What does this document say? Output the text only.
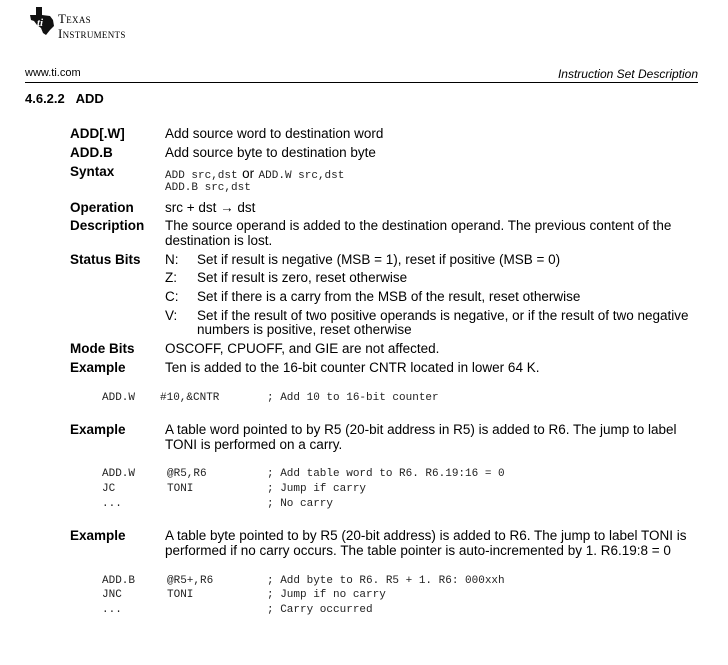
ti Texas
Instruments
www.ti.com	Instruction Set Description
4.6.2.2 ADD
ADD[.W]	Add source word to destination word
ADD.B	Add source byte to destination byte
Syntax	ADD src,dst or ADD.W src,dst
ADD.B src,dst
Operation src + dst → dst
Description The source operand is added to the destination operand. The previous content of the
destination is lost.
Status Bits N: Set if result is negative (MSB = 1), reset if positive (MSB = 0)
Z: Set if result is zero, reset otherwise
C: Set if there is a carry from the MSB of the result, reset otherwise
V: Set if the result of two positive operands is negative, or if the result of two negative
numbers is positive, reset otherwise
Mode Bits OSCOFF, CPUOFF, and GIE are not affected.
Example	Ten is added to the 16-bit counter CNTR located in lower 64 K.
ADD.W #10,&CNTR	; Add 10 to 16-bit counter
Example	A table word pointed to by R5 (20-bit address in R5) is added to R6. The jump to label
TONI is performed on a carry.
ADD.W	@R5,R6	; Add table word to R6. R6.19:16 = 0
JC	TONI	; Jump if carry
...	; No carry
Example	A table byte pointed to by R5 (20-bit address) is added to R6. The jump to label TONI is
performed if no carry occurs. The table pointer is auto-incremented by 1. R6.19:8 = 0
ADD.B	@R5+,R6	; Add byte to R6. R5 + 1. R6: 000xxh
JNC	TONI	; Jump if no carry
...	; Carry occurred
